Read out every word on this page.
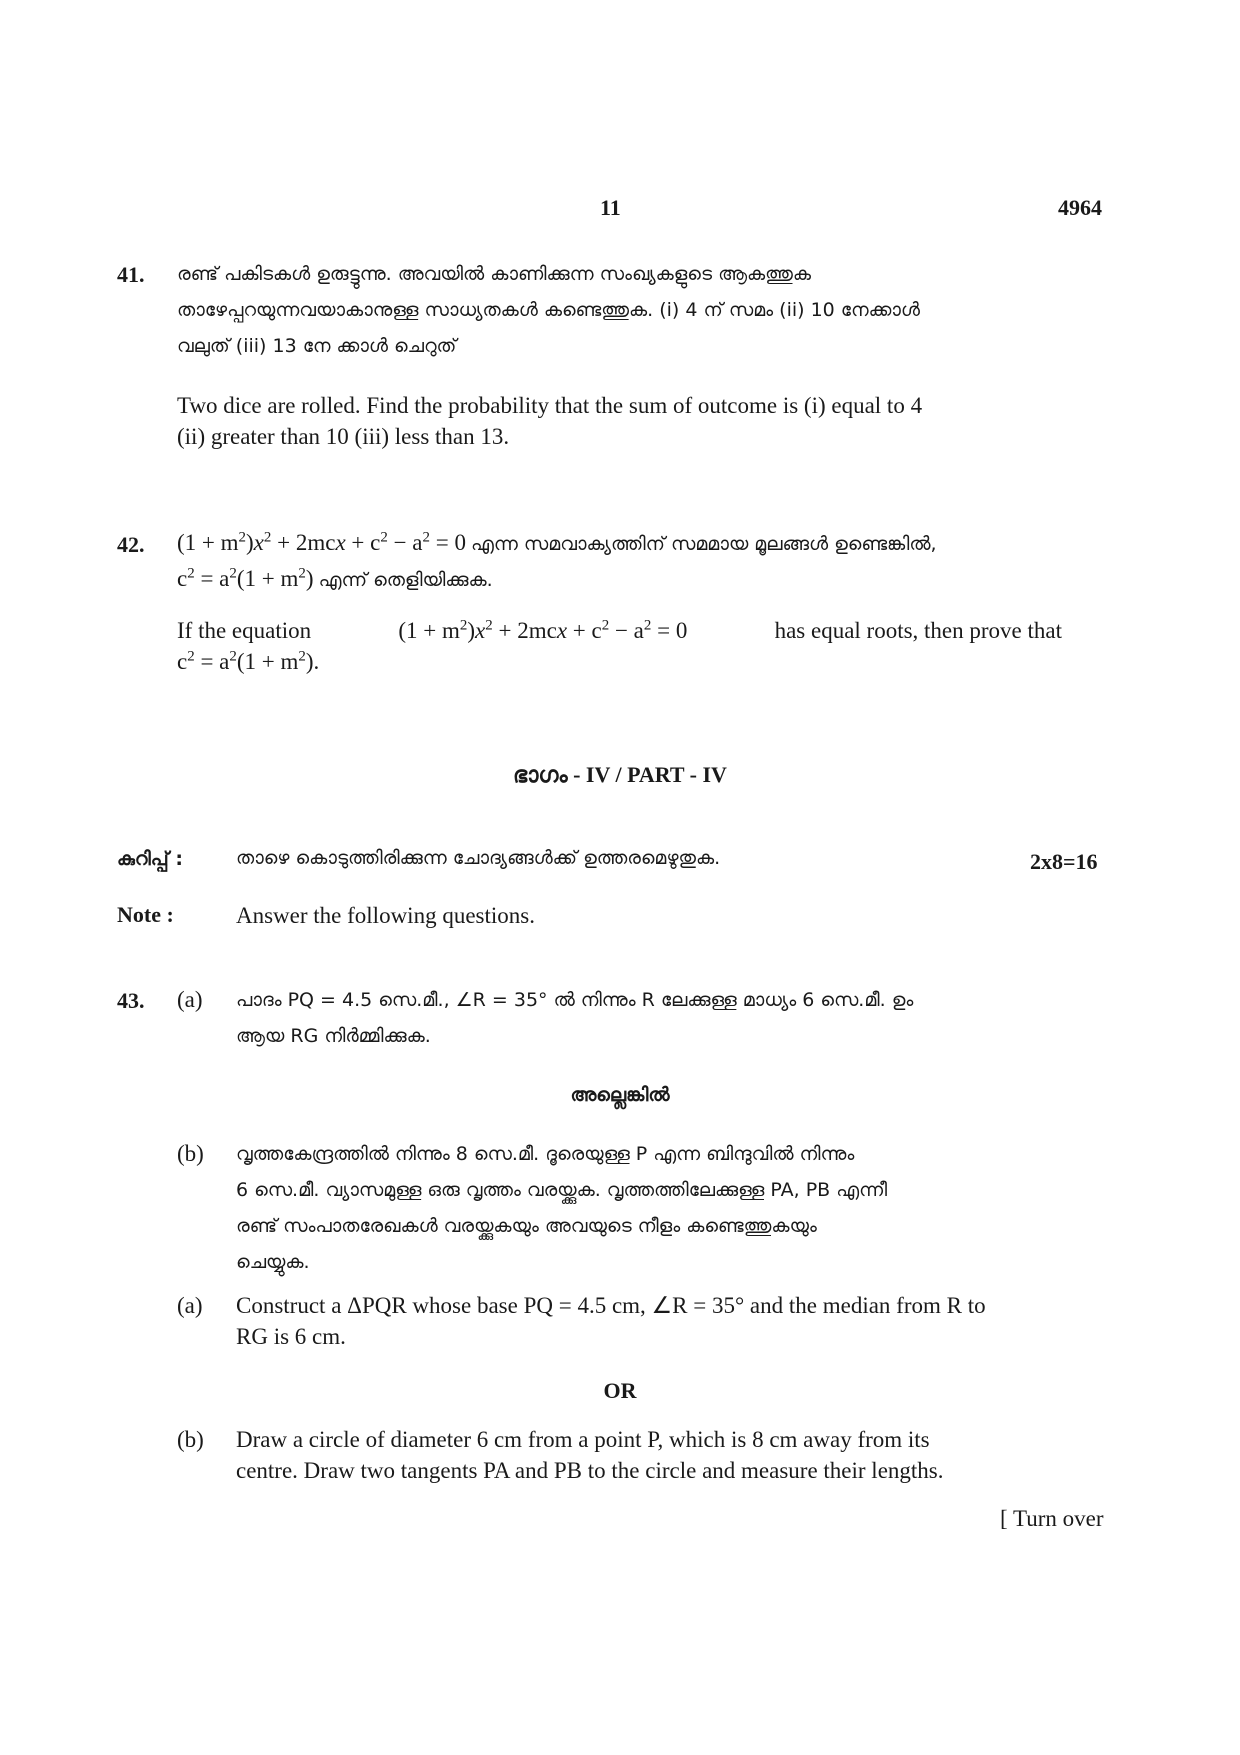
11	4964
41. രണ്ട് പകിടകൾ ഉരുട്ടുന്നു. അവയിൽ കാണിക്കുന്ന സംഖ്യകളുടെ ആകത്തുക
താഴേപ്പറയുന്നവയാകാനുള്ള സാധ്യതകൾ കണ്ടെത്തുക. (i) 4 ന് സമം (ii) 10 നേക്കാൾ
വലുത് (iii) 13 നേ ക്കാൾ ചെറുത്
Two dice are rolled. Find the probability that the sum of outcome is (i) equal to 4
(ii) greater than 10 (iii) less than 13.
42. $(1 + m^2)x^2 + 2mcx + c^2 - a^2 = 0$ എന്ന സമവാക്യത്തിന് സമമായ മൂലങ്ങൾ ഉണ്ടെങ്കിൽ,
$c^2 = a^2(1 + m^2)$ എന്ന് തെളിയിക്കുക.
If the equation	$(1 + m^2)x^2 + 2mcx + c^2 - a^2 = 0$	has equal roots, then prove that
$c^2 = a^2(1 + m^2)$.
ഭാഗം - IV / PART - IV
കുറിപ്പ് :	താഴെ കൊടുത്തിരിക്കുന്ന ചോദ്യങ്ങൾക്ക് ഉത്തരമെഴുതുക.	2x8=16
Note :	Answer the following questions.
43. (a) പാദം PQ = 4.5 സെ.മീ., ∠R = 35° ൽ നിന്നും R ലേക്കുള്ള മാധ്യം 6 സെ.മീ. ഉം
ആയ RG നിർമ്മിക്കുക.
അല്ലെങ്കിൽ
(b) വൃത്തകേന്ദ്രത്തിൽ നിന്നും 8 സെ.മീ. ദൂരെയുള്ള P എന്ന ബിന്ദുവിൽ നിന്നും
6 സെ.മീ. വ്യാസമുള്ള ഒരു വൃത്തം വരയ്ക്കുക. വൃത്തത്തിലേക്കുള്ള PA, PB എന്നീ
രണ്ട് സംപാതരേഖകൾ വരയ്ക്കുകയും അവയുടെ നീളം കണ്ടെത്തുകയും
ചെയ്യുക.
(a) Construct a ΔPQR whose base PQ = 4.5 cm, ∠R = 35° and the median from R to
RG is 6 cm.
OR
(b) Draw a circle of diameter 6 cm from a point P, which is 8 cm away from its
centre. Draw two tangents PA and PB to the circle and measure their lengths.
[ Turn over
